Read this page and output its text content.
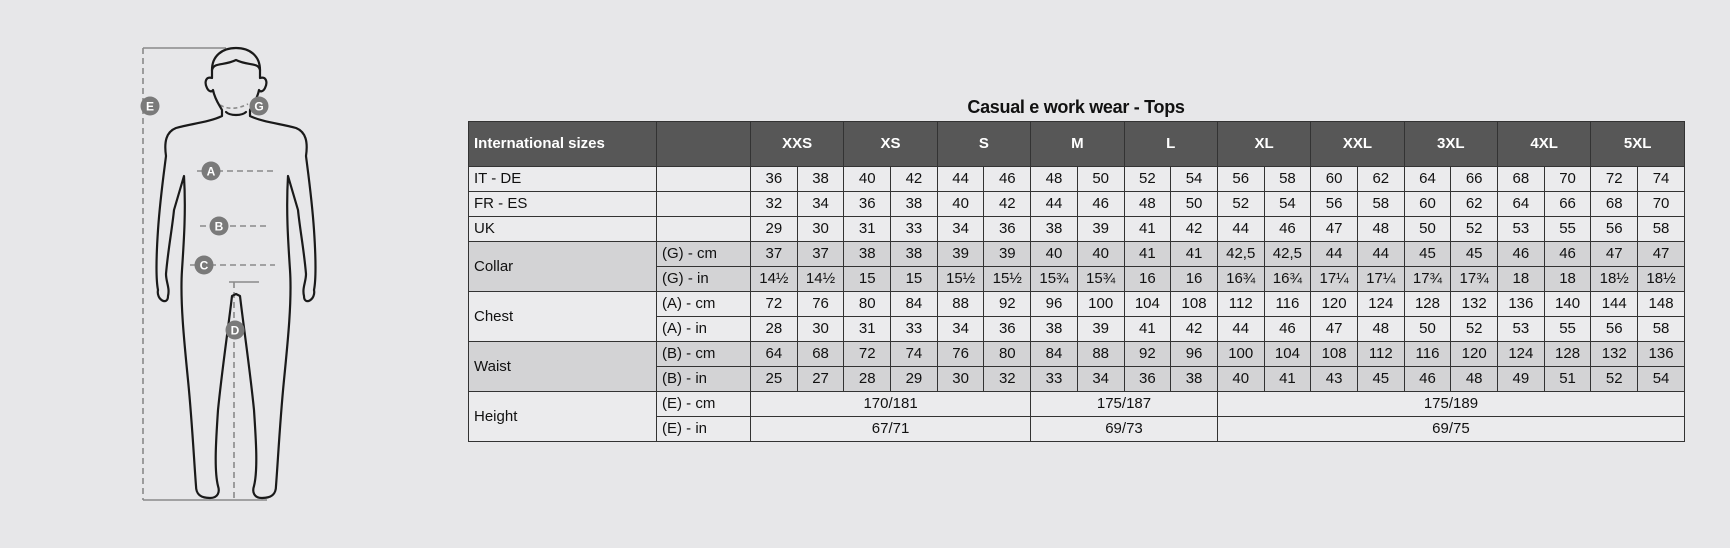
E	G
A
B
C
D
Casual e work wear - Tops
International sizes		XXS		XS		S		M		L		XL		XXL		3XL		4XL		5XL	
IT - DE		36	38	40	42	44	46	48	50	52	54	56	58	60	62	64	66	68	70	72	74
FR - ES		32	34	36	38	40	42	44	46	48	50	52	54	56	58	60	62	64	66	68	70
UK		29	30	31	33	34	36	38	39	41	42	44	46	47	48	50	52	53	55	56	58
Collar	(G) - cm	37	37	38	38	39	39	40	40	41	41	42,5	42,5	44	44	45	45	46	46	47	47
	(G) - in	14½	14½	15	15	15½	15½	15¾	15¾	16	16	16¾	16¾	17¼	17¼	17¾	17¾	18	18	18½	18½
Chest	(A) - cm	72	76	80	84	88	92	96	100	104	108	112	116	120	124	128	132	136	140	144	148
	(A) - in	28	30	31	33	34	36	38	39	41	42	44	46	47	48	50	52	53	55	56	58
Waist	(B) - cm	64	68	72	74	76	80	84	88	92	96	100	104	108	112	116	120	124	128	132	136
	(B) - in	25	27	28	29	30	32	33	34	36	38	40	41	43	45	46	48	49	51	52	54
Height	(E) - cm	170/181						175/187				175/189									
	(E) - in	67/71						69/73				69/75									
